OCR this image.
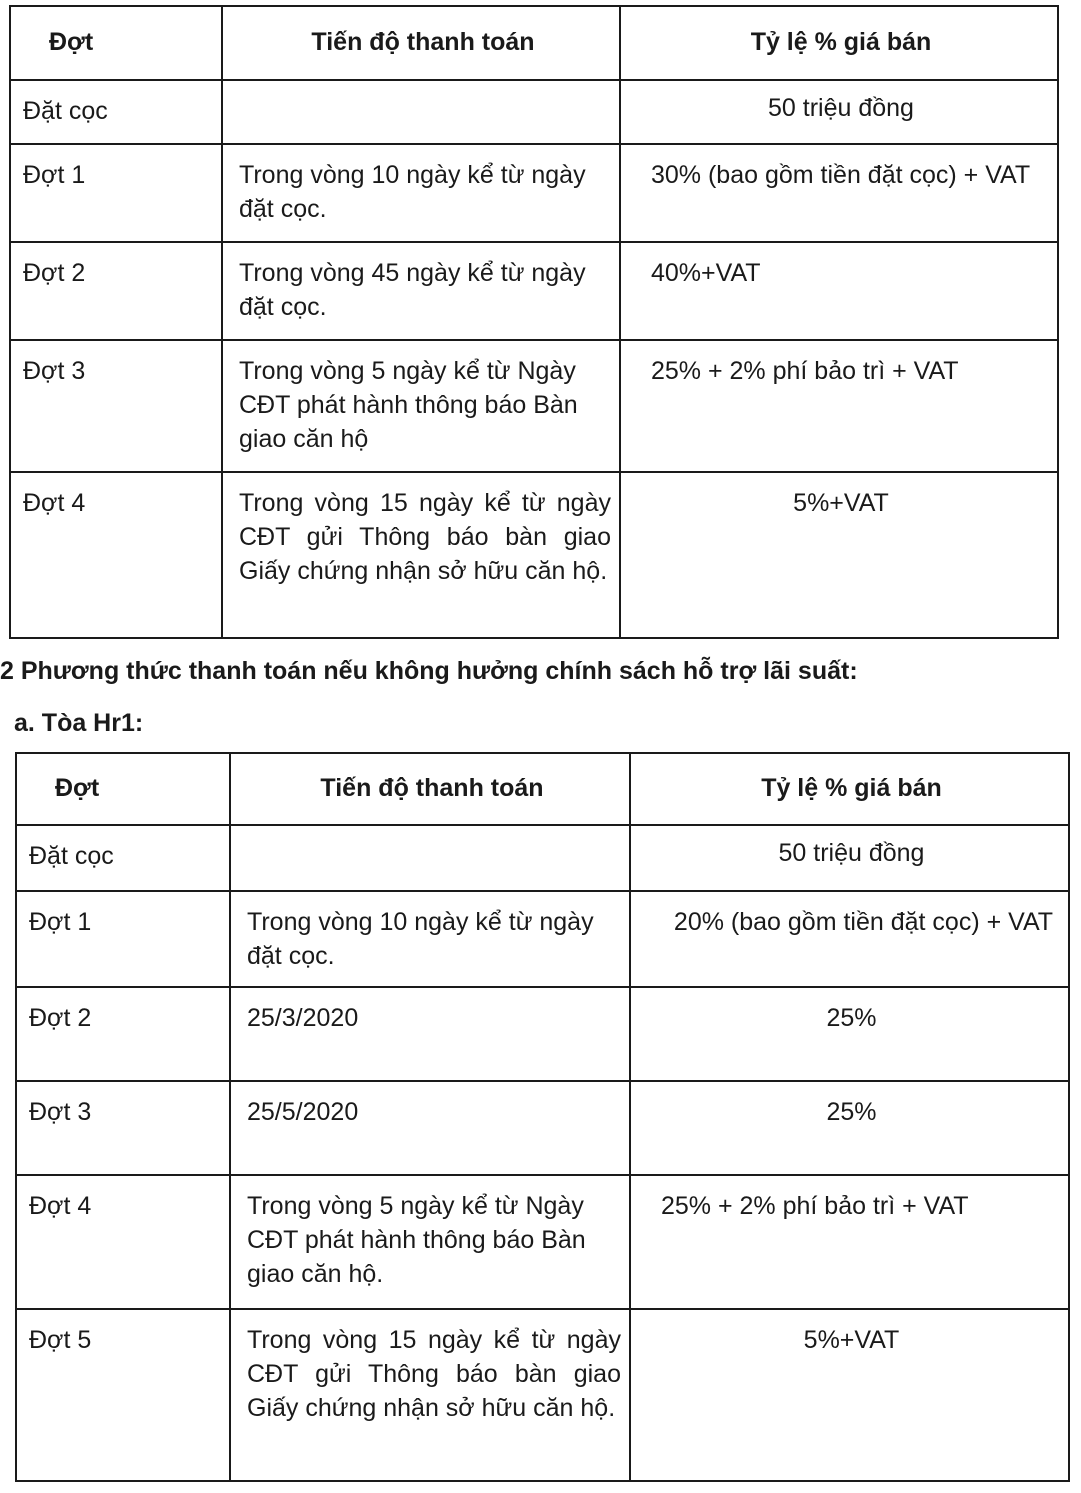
Đợt	Tiến độ thanh toán	Tỷ lệ % giá bán
Đặt cọc		50 triệu đồng
Đợt 1	Trong vòng 10 ngày kể từ ngày đặt cọc.	30% (bao gồm tiền đặt cọc) + VAT
Đợt 2	Trong vòng 45 ngày kể từ ngày đặt cọc.	40%+VAT
Đợt 3	Trong vòng 5 ngày kể từ Ngày CĐT phát hành thông báo Bàn giao căn hộ	25% + 2% phí bảo trì + VAT
Đợt 4	Trong vòng 15 ngày kể từ ngày CĐT gửi Thông báo bàn giao Giấy chứng nhận sở hữu căn hộ.	5%+VAT
2 Phương thức thanh toán nếu không hưởng chính sách hỗ trợ lãi suất:
a. Tòa Hr1:
Đợt	Tiến độ thanh toán	Tỷ lệ % giá bán
Đặt cọc		50 triệu đồng
Đợt 1	Trong vòng 10 ngày kể từ ngày đặt cọc.	20% (bao gồm tiền đặt cọc) + VAT
Đợt 2	25/3/2020	25%
Đợt 3	25/5/2020	25%
Đợt 4	Trong vòng 5 ngày kể từ Ngày CĐT phát hành thông báo Bàn giao căn hộ.	25% + 2% phí bảo trì + VAT
Đợt 5	Trong vòng 15 ngày kể từ ngày CĐT gửi Thông báo bàn giao Giấy chứng nhận sở hữu căn hộ.	5%+VAT
